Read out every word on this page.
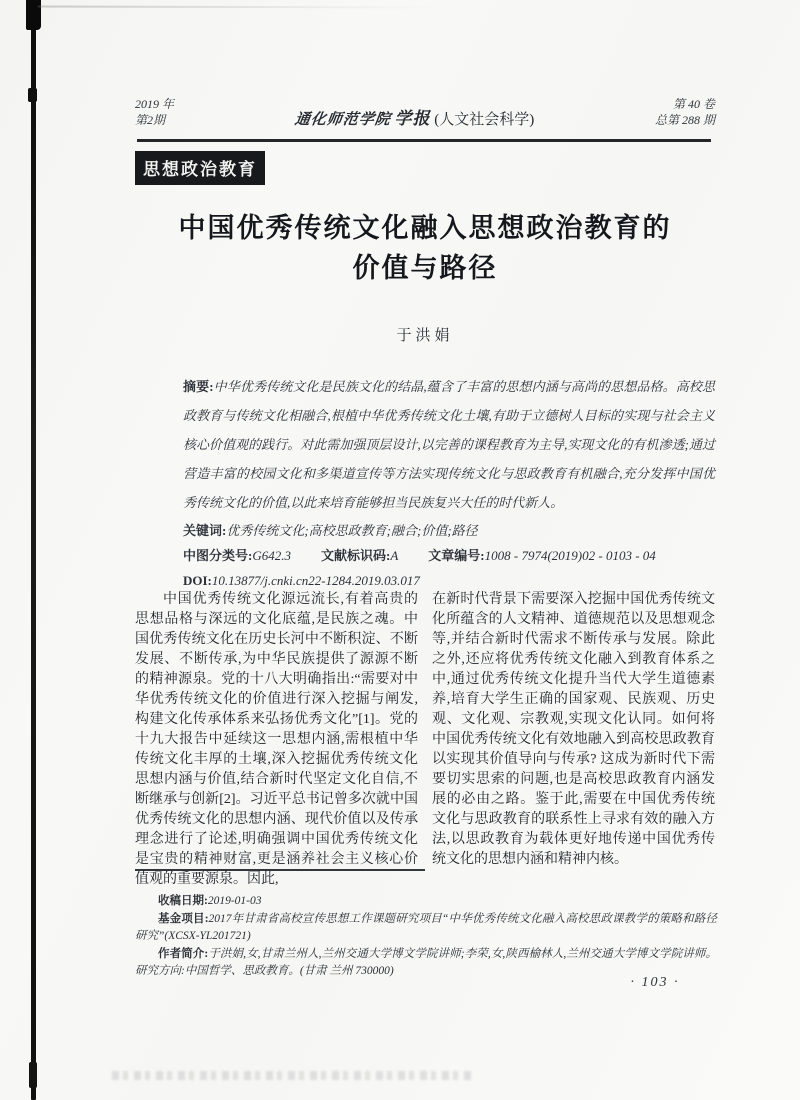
2019 年
第2期	通化师范学院 学报 (人文社会科学)
第 40 卷
总第 288 期
思想政治教育
中国优秀传统文化融入思想政治教育的
价值与路径
于洪娟

摘要:中华优秀传统文化是民族文化的结晶,蕴含了丰富的思想内涵与高尚的思想品格。高校思政教育与传统文化相融合,根植中华优秀传统文化土壤,有助于立德树人目标的实现与社会主义核心价值观的践行。对此需加强顶层设计,以完善的课程教育为主导,实现文化的有机渗透;通过营造丰富的校园文化和多渠道宣传等方法实现传统文化与思政教育有机融合,充分发挥中国优秀传统文化的价值,以此来培育能够担当民族复兴大任的时代新人。

关键词:优秀传统文化;高校思政教育;融合;价值;路径
中图分类号:G642.3 文献标识码:A 文章编号:1008 - 7974(2019)02 - 0103 - 04
DOI:10.13877/j.cnki.cn22-1284.2019.03.017

中国优秀传统文化源远流长,有着高贵的思想品格与深远的文化底蕴,是民族之魂。中国优秀传统文化在历史长河中不断积淀、不断发展、不断传承,为中华民族提供了源源不断的精神源泉。党的十八大明确指出:“需要对中华优秀传统文化的价值进行深入挖掘与阐发,构建文化传承体系来弘扬优秀文化”[1]。党的十九大报告中延续这一思想内涵,需根植中华传统文化丰厚的土壤,深入挖掘优秀传统文化思想内涵与价值,结合新时代坚定文化自信,不断继承与创新[2]。习近平总书记曾多次就中国优秀传统文化的思想内涵、现代价值以及传承理念进行了论述,明确强调中国优秀传统文化是宝贵的精神财富,更是涵养社会主义核心价值观的重要源泉。因此,

在新时代背景下需要深入挖掘中国优秀传统文化所蕴含的人文精神、道德规范以及思想观念等,并结合新时代需求不断传承与发展。除此之外,还应将优秀传统文化融入到教育体系之中,通过优秀传统文化提升当代大学生道德素养,培育大学生正确的国家观、民族观、历史观、文化观、宗教观,实现文化认同。如何将中国优秀传统文化有效地融入到高校思政教育以实现其价值导向与传承? 这成为新时代下需要切实思索的问题,也是高校思政教育内涵发展的必由之路。鉴于此,需要在中国优秀传统文化与思政教育的联系性上寻求有效的融入方法,以思政教育为载体更好地传递中国优秀传统文化的思想内涵和精神内核。

收稿日期:2019-01-03

基金项目:2017年甘肃省高校宣传思想工作课题研究项目“中华优秀传统文化融入高校思政课教学的策略和路径研究”(XCSX-YL201721)

作者简介:于洪娟,女,甘肃兰州人,兰州交通大学博文学院讲师;李荣,女,陕西榆林人,兰州交通大学博文学院讲师。研究方向:中国哲学、思政教育。(甘肃 兰州 730000)

· 103 ·
